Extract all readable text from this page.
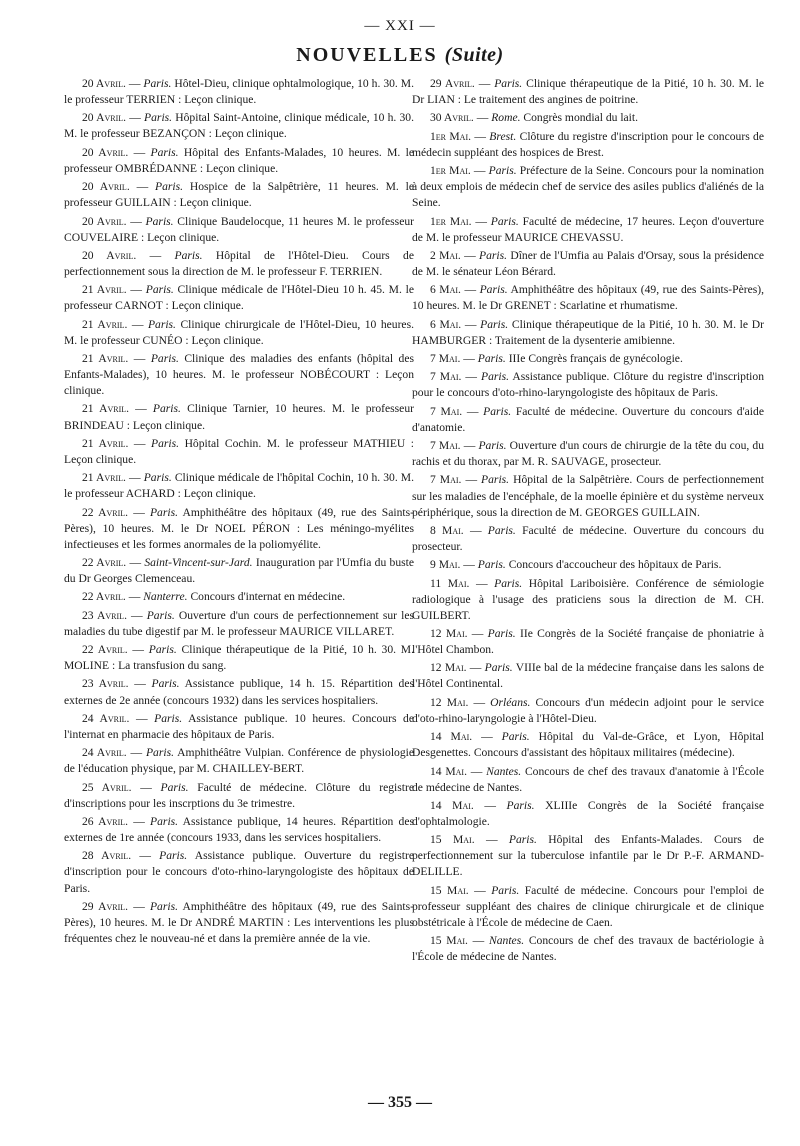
— XXI —
NOUVELLES (Suite)

20 Avril. — Paris. Hôtel-Dieu, clinique ophtalmologique, 10 h. 30. M. le professeur TERRIEN : Leçon clinique.

20 Avril. — Paris. Hôpital Saint-Antoine, clinique médicale, 10 h. 30. M. le professeur BEZANÇON : Leçon clinique.

20 Avril. — Paris. Hôpital des Enfants-Malades, 10 heures. M. le professeur OMBRÉDANNE : Leçon clinique.

20 Avril. — Paris. Hospice de la Salpêtrière, 11 heures. M. le professeur GUILLAIN : Leçon clinique.

20 Avril. — Paris. Clinique Baudelocque, 11 heures M. le professeur COUVELAIRE : Leçon clinique.

20 Avril. — Paris. Hôpital de l'Hôtel-Dieu. Cours de perfectionnement sous la direction de M. le professeur F. TERRIEN.

21 Avril. — Paris. Clinique médicale de l'Hôtel-Dieu 10 h. 45. M. le professeur CARNOT : Leçon clinique.

21 Avril. — Paris. Clinique chirurgicale de l'Hôtel-Dieu, 10 heures. M. le professeur CUNÉO : Leçon clinique.

21 Avril. — Paris. Clinique des maladies des enfants (hôpital des Enfants-Malades), 10 heures. M. le professeur NOBÉCOURT : Leçon clinique.

21 Avril. — Paris. Clinique Tarnier, 10 heures. M. le professeur BRINDEAU : Leçon clinique.

21 Avril. — Paris. Hôpital Cochin. M. le professeur MATHIEU : Leçon clinique.

21 Avril. — Paris. Clinique médicale de l'hôpital Cochin, 10 h. 30. M. le professeur ACHARD : Leçon clinique.

22 Avril. — Paris. Amphithéâtre des hôpitaux (49, rue des Saints-Pères), 10 heures. M. le Dr NOEL PÉRON : Les méningo-myélites infectieuses et les formes anormales de la poliomyélite.

22 Avril. — Saint-Vincent-sur-Jard. Inauguration par l'Umfia du buste du Dr Georges Clemenceau.

22 Avril. — Nanterre. Concours d'internat en médecine.

23 Avril. — Paris. Ouverture d'un cours de perfectionnement sur les maladies du tube digestif par M. le professeur MAURICE VILLARET.

22 Avril. — Paris. Clinique thérapeutique de la Pitié, 10 h. 30. M. MOLINE : La transfusion du sang.

23 Avril. — Paris. Assistance publique, 14 h. 15. Répartition des externes de 2e année (concours 1932) dans les services hospitaliers.

24 Avril. — Paris. Assistance publique. 10 heures. Concours de l'internat en pharmacie des hôpitaux de Paris.

24 Avril. — Paris. Amphithéâtre Vulpian. Conférence de physiologie de l'éducation physique, par M. CHAILLEY-BERT.

25 Avril. — Paris. Faculté de médecine. Clôture du registre d'inscriptions pour les inscrptions du 3e trimestre.

26 Avril. — Paris. Assistance publique, 14 heures. Répartition des externes de 1re année (concours 1933, dans les services hospitaliers.

28 Avril. — Paris. Assistance publique. Ouverture du registre d'inscription pour le concours d'oto-rhino-laryngologiste des hôpitaux de Paris.

29 Avril. — Paris. Amphithéâtre des hôpitaux (49, rue des Saints-Pères), 10 heures. M. le Dr ANDRÉ MARTIN : Les interventions les plus fréquentes chez le nouveau-né et dans la première année de la vie.

29 Avril. — Paris. Clinique thérapeutique de la Pitié, 10 h. 30. M. le Dr LIAN : Le traitement des angines de poitrine.

30 Avril. — Rome. Congrès mondial du lait.

1er Mai. — Brest. Clôture du registre d'inscription pour le concours de médecin suppléant des hospices de Brest.

1er Mai. — Paris. Préfecture de la Seine. Concours pour la nomination à deux emplois de médecin chef de service des asiles publics d'aliénés de la Seine.

1er Mai. — Paris. Faculté de médecine, 17 heures. Leçon d'ouverture de M. le professeur MAURICE CHEVASSU.

2 Mai. — Paris. Dîner de l'Umfia au Palais d'Orsay, sous la présidence de M. le sénateur Léon Bérard.

6 Mai. — Paris. Amphithéâtre des hôpitaux (49, rue des Saints-Pères), 10 heures. M. le Dr GRENET : Scarlatine et rhumatisme.

6 Mai. — Paris. Clinique thérapeutique de la Pitié, 10 h. 30. M. le Dr HAMBURGER : Traitement de la dysenterie amibienne.

7 Mai. — Paris. IIIe Congrès français de gynécologie.

7 Mai. — Paris. Assistance publique. Clôture du registre d'inscription pour le concours d'oto-rhino-laryngologiste des hôpitaux de Paris.

7 Mai. — Paris. Faculté de médecine. Ouverture du concours d'aide d'anatomie.

7 Mai. — Paris. Ouverture d'un cours de chirurgie de la tête du cou, du rachis et du thorax, par M. R. SAUVAGE, prosecteur.

7 Mai. — Paris. Hôpital de la Salpêtrière. Cours de perfectionnement sur les maladies de l'encéphale, de la moelle épinière et du système nerveux périphérique, sous la direction de M. GEORGES GUILLAIN.

8 Mai. — Paris. Faculté de médecine. Ouverture du concours du prosecteur.

9 Mai. — Paris. Concours d'accoucheur des hôpitaux de Paris.

11 Mai. — Paris. Hôpital Lariboisière. Conférence de sémiologie radiologique à l'usage des praticiens sous la direction de M. CH. GUILBERT.

12 Mai. — Paris. IIe Congrès de la Société française de phoniatrie à l'Hôtel Chambon.

12 Mai. — Paris. VIIIe bal de la médecine française dans les salons de l'Hôtel Continental.

12 Mai. — Orléans. Concours d'un médecin adjoint pour le service d'oto-rhino-laryngologie à l'Hôtel-Dieu.

14 Mai. — Paris. Hôpital du Val-de-Grâce, et Lyon, Hôpital Desgenettes. Concours d'assistant des hôpitaux militaires (médecine).

14 Mai. — Nantes. Concours de chef des travaux d'anatomie à l'École de médecine de Nantes.

14 Mai. — Paris. XLIIIe Congrès de la Société française d'ophtalmologie.

15 Mai. — Paris. Hôpital des Enfants-Malades. Cours de perfectionnement sur la tuberculose infantile par le Dr P.-F. ARMAND-DELILLE.

15 Mai. — Paris. Faculté de médecine. Concours pour l'emploi de professeur suppléant des chaires de clinique chirurgicale et de clinique obstétricale à l'École de médecine de Caen.

15 Mai. — Nantes. Concours de chef des travaux de bactériologie à l'École de médecine de Nantes.

— 355 —
